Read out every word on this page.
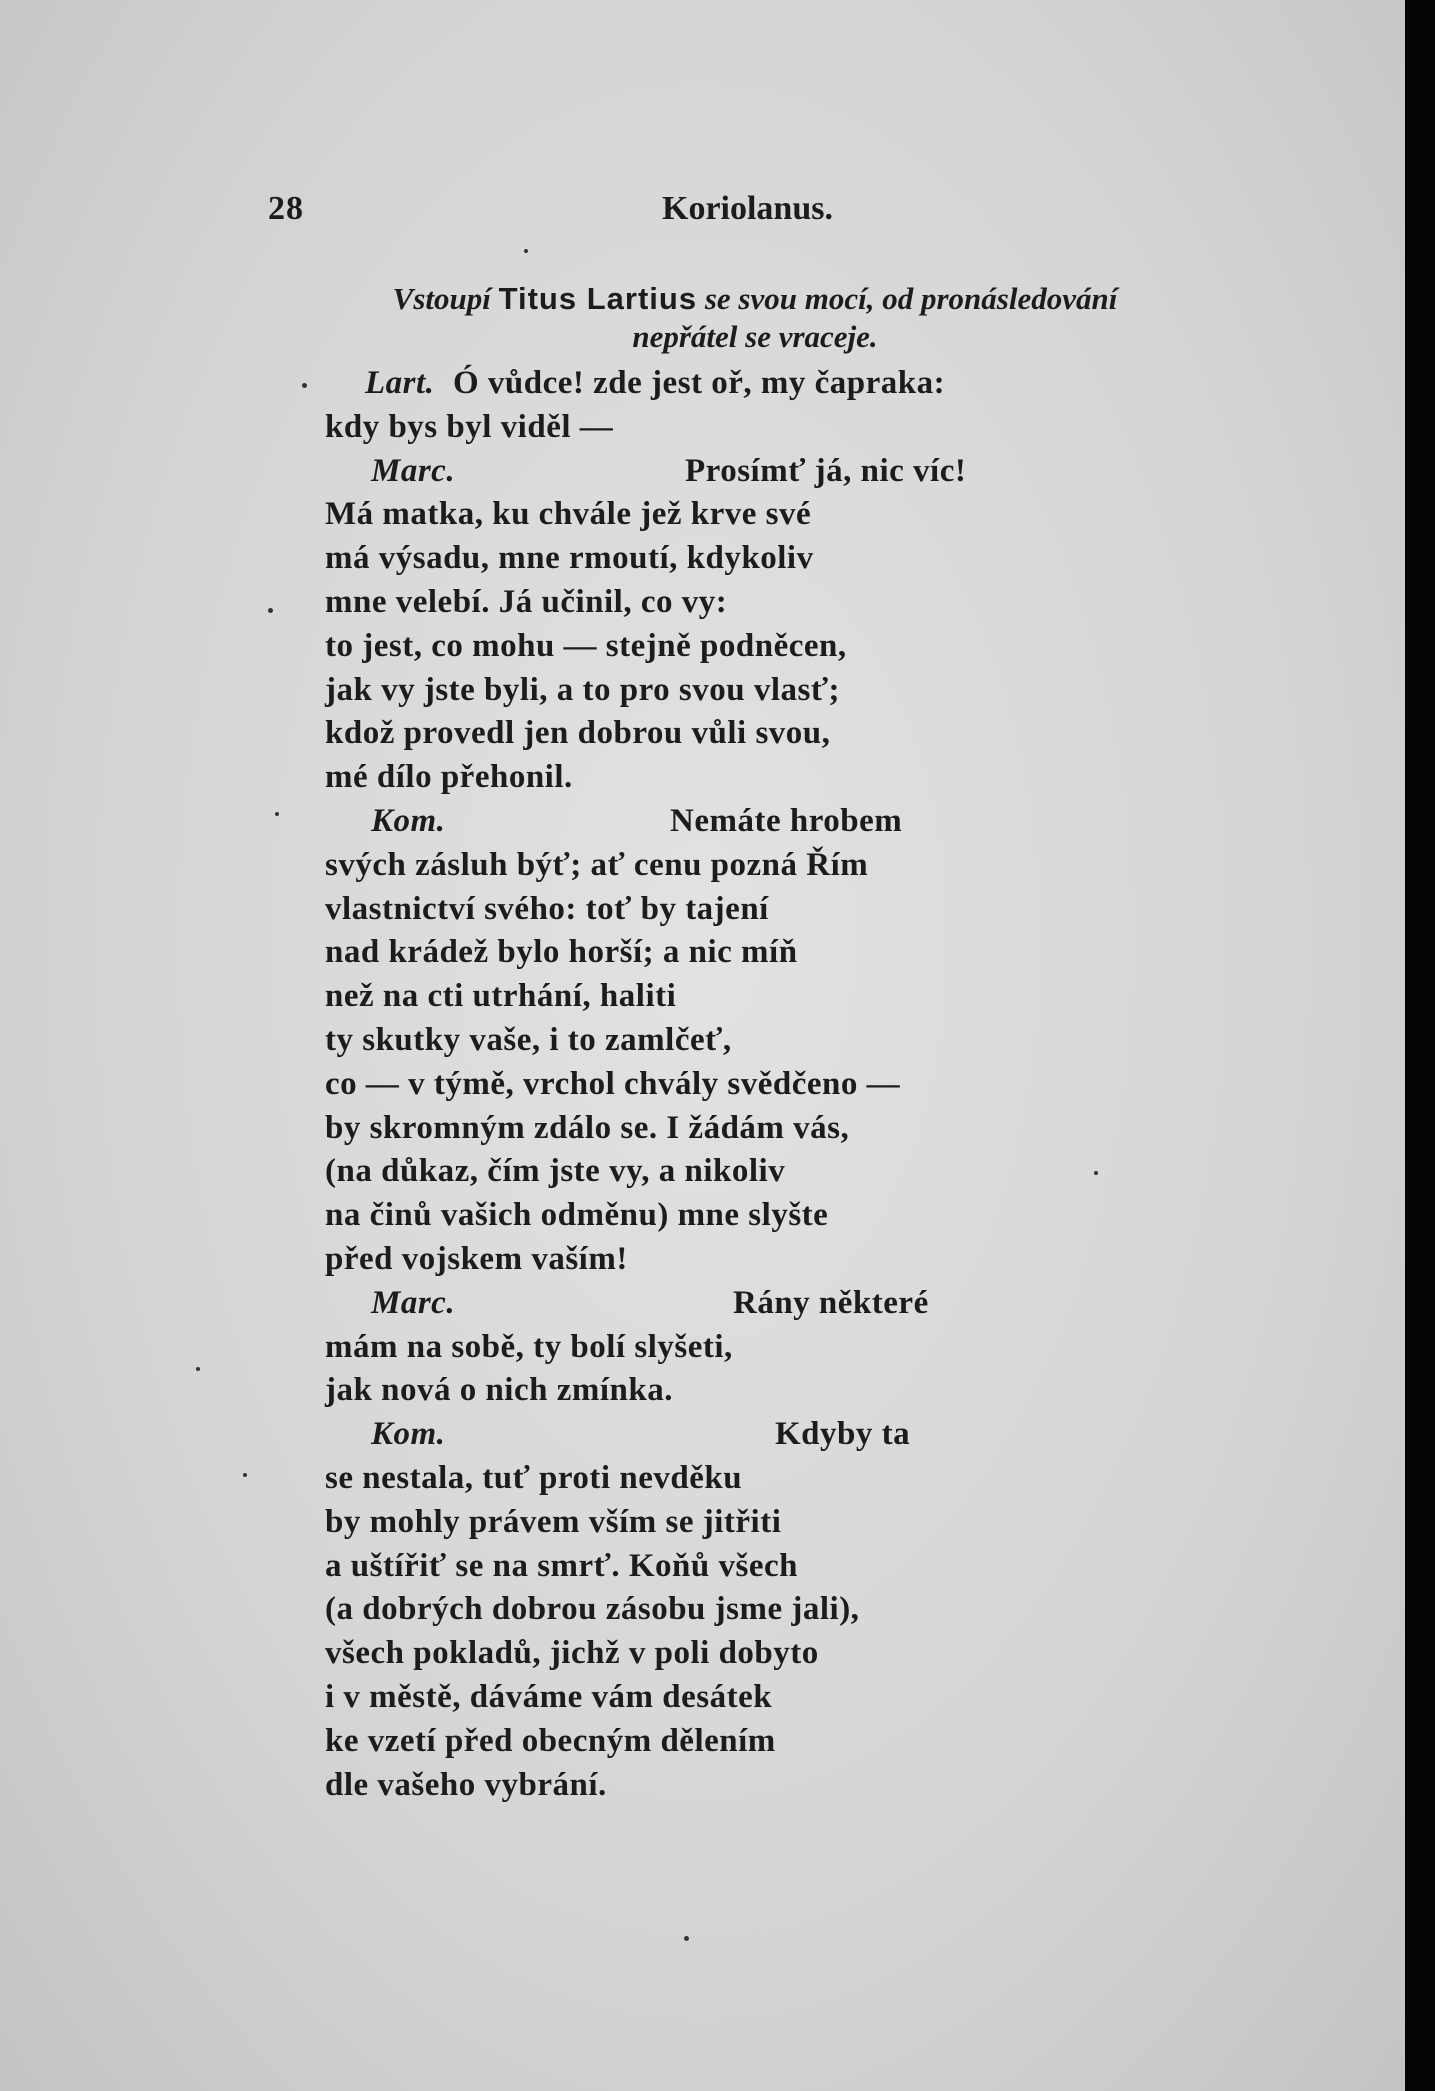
28	Koriolanus.
Vstoupí Titus Lartius se svou mocí, od pronásledování
nepřátel se vraceje.
Lart. Ó vůdce! zde jest oř, my čapraka:
kdy bys byl viděl —
Marc.	Prosímť já, nic víc!
Má matka, ku chvále jež krve své
má výsadu, mne rmoutí, kdykoliv
mne velebí. Já učinil, co vy:
to jest, co mohu — stejně podněcen,
jak vy jste byli, a to pro svou vlasť;
kdož provedl jen dobrou vůli svou,
mé dílo přehonil.
Kom.	Nemáte hrobem
svých zásluh býť; ať cenu pozná Řím
vlastnictví svého: toť by tajení
nad krádež bylo horší; a nic míň
než na cti utrhání, haliti
ty skutky vaše, i to zamlčeť,
co — v týmě, vrchol chvály svědčeno —
by skromným zdálo se. I žádám vás,
(na důkaz, čím jste vy, a nikoliv
na činů vašich odměnu) mne slyšte
před vojskem vaším!
Marc.	Rány některé
mám na sobě, ty bolí slyšeti,
jak nová o nich zmínka.
Kom.	Kdyby ta
se nestala, tuť proti nevděku
by mohly právem vším se jitřiti
a uštířiť se na smrť. Koňů všech
(a dobrých dobrou zásobu jsme jali),
všech pokladů, jichž v poli dobyto
i v městě, dáváme vám desátek
ke vzetí před obecným dělením
dle vašeho vybrání.
